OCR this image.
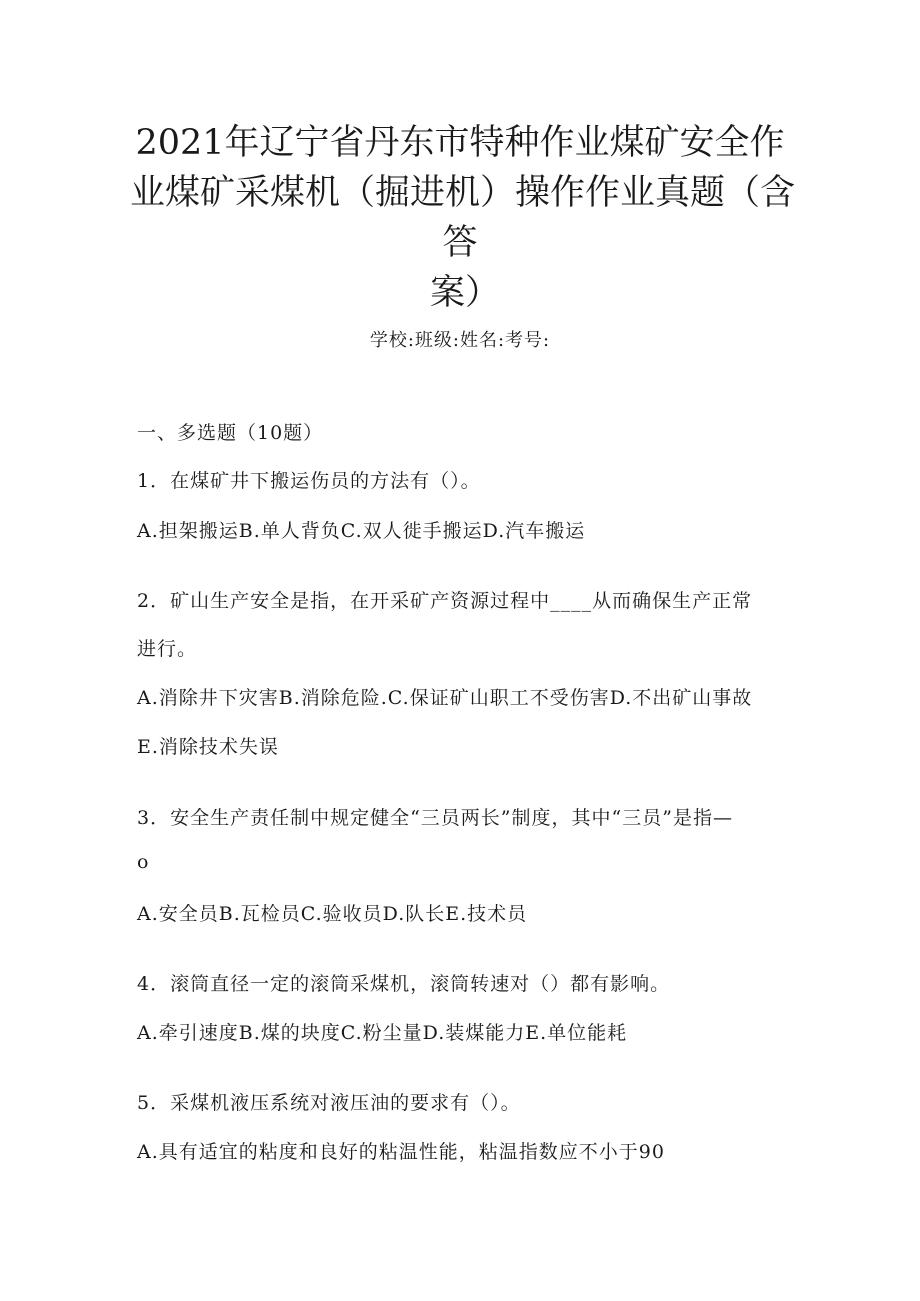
2021年辽宁省丹东市特种作业煤矿安全作
业煤矿采煤机（掘进机）操作作业真题（含
答
案）
学校:班级:姓名:考号:
一、多选题（10题）
1．在煤矿井下搬运伤员的方法有（）。
A.担架搬运B.单人背负C.双人徙手搬运D.汽车搬运
2．矿山生产安全是指，在开采矿产资源过程中____从而确保生产正常
进行。
A.消除井下灾害B.消除危险.C.保证矿山职工不受伤害D.不出矿山事故
E.消除技术失误
3．安全生产责任制中规定健全“三员两长”制度，其中“三员”是指—
o
A.安全员B.瓦检员C.验收员D.队长E.技术员
4．滚筒直径一定的滚筒采煤机，滚筒转速对（）都有影响。
A.牵引速度B.煤的块度C.粉尘量D.装煤能力E.单位能耗
5．采煤机液压系统对液压油的要求有（）。
A.具有适宜的粘度和良好的粘温性能，粘温指数应不小于90
